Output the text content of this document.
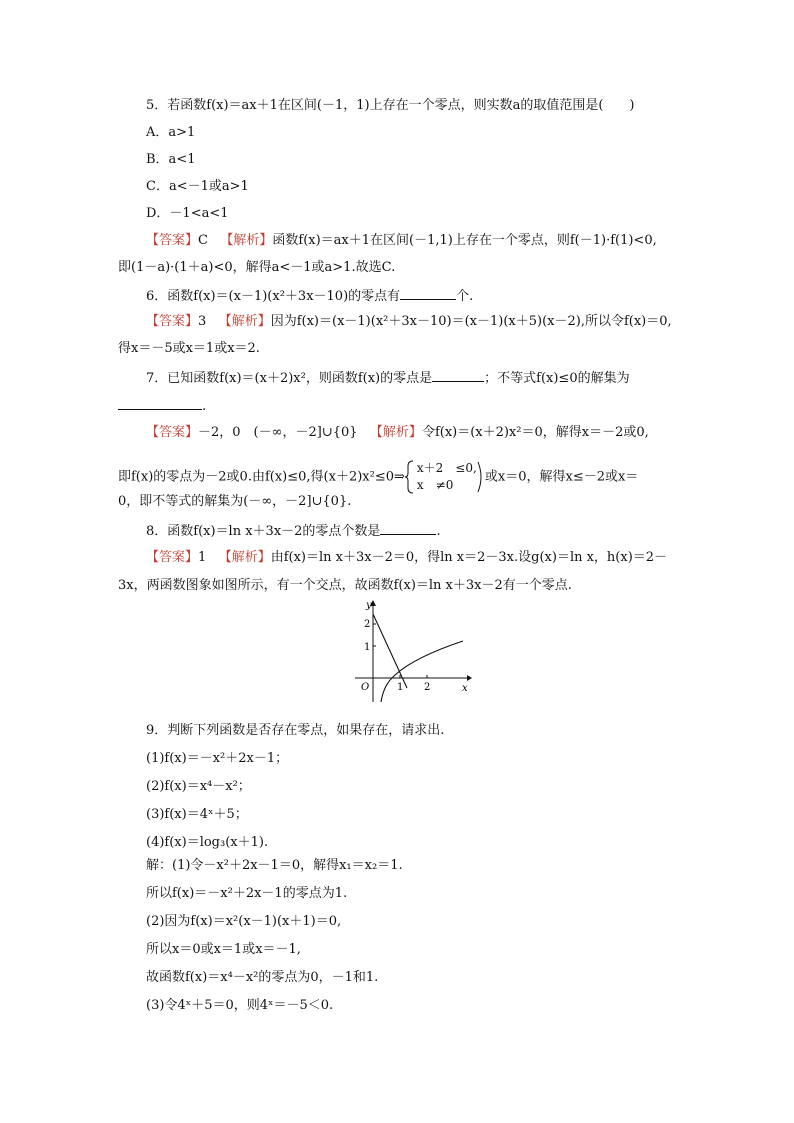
5．若函数f(x)＝ax＋1在区间(－1，1)上存在一个零点，则实数a的取值范围是(　　)
A．a>1
B．a<1
C．a<－1或a>1
D．－1<a<1
【答案】C 【解析】函数f(x)＝ax＋1在区间(－1,1)上存在一个零点，则f(－1)·f(1)<0,
即(1－a)·(1＋a)<0，解得a<－1或a>1.故选C.
6．函数f(x)＝(x－1)(x²＋3x－10)的零点有	个.
【答案】3 【解析】因为f(x)＝(x－1)(x²＋3x－10)＝(x－1)(x＋5)(x－2),所以令f(x)＝0,
得x＝－5或x＝1或x＝2.
7．已知函数f(x)＝(x＋2)x²，则函数f(x)的零点是	；不等式f(x)≤0的解集为
.
【答案】－2，0　(－∞，－2]∪{0} 【解析】令f(x)＝(x＋2)x²＝0，解得x＝－2或0,
即f(x)的零点为－2或0.由f(x)≤0,得(x＋2)x²≤0⇒
x＋2　≤0,
x　≠0
或x＝0，解得x≤－2或x＝
0，即不等式的解集为(－∞，－2]∪{0}.
8．函数f(x)＝ln x＋3x－2的零点个数是	.
【答案】1 【解析】由f(x)＝ln x＋3x－2＝0，得ln x＝2－3x.设g(x)＝ln x，h(x)＝2－
3x，两函数图象如图所示，有一个交点，故函数f(x)＝ln x＋3x－2有一个零点.
y
x
O
2
1
1 2
9．判断下列函数是否存在零点，如果存在，请求出.
(1)f(x)＝－x²＋2x－1；
(2)f(x)＝x⁴－x²；
(3)f(x)＝4ˣ＋5；
(4)f(x)＝log₃(x＋1).
解：(1)令－x²＋2x－1＝0，解得x₁＝x₂＝1.
所以f(x)＝－x²＋2x－1的零点为1.
(2)因为f(x)＝x²(x－1)(x＋1)＝0,
所以x＝0或x＝1或x＝－1,
故函数f(x)＝x⁴－x²的零点为0，－1和1.
(3)令4ˣ＋5＝0，则4ˣ＝－5＜0.
